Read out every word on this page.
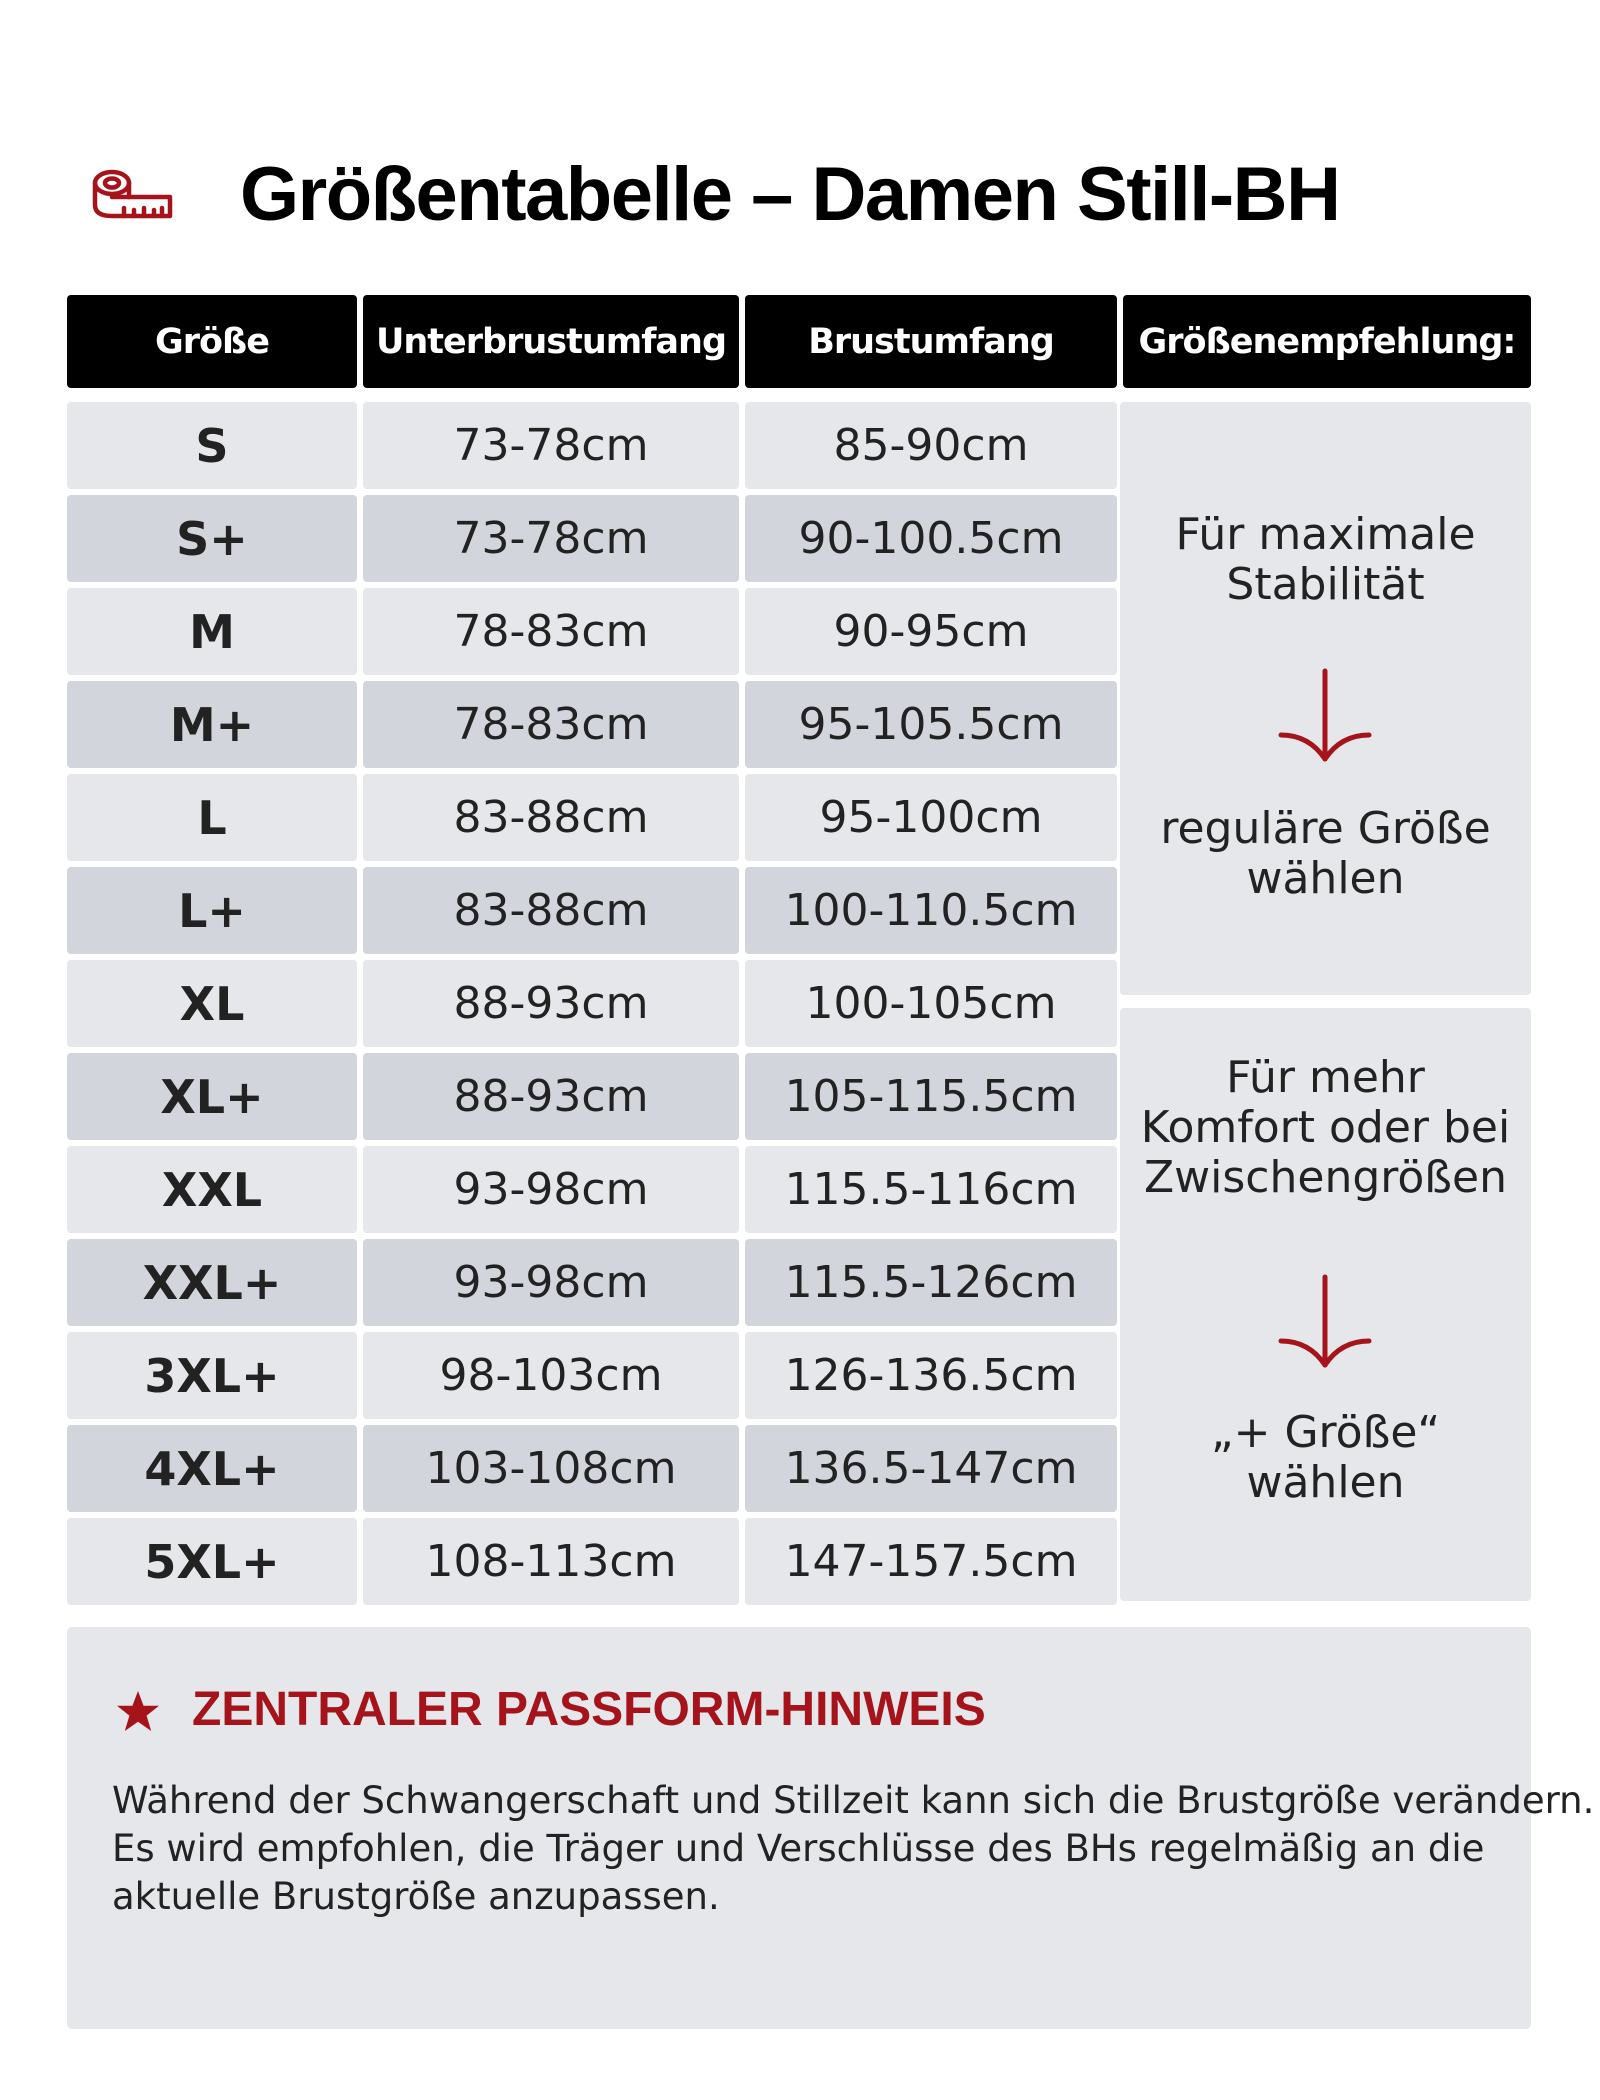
Größentabelle – Damen Still-BH
Größe	Unterbrustumfang	Brustumfang	Größenempfehlung:
S	73-78cm	85-90cm
S+	73-78cm	90-100.5cm
M	78-83cm	90-95cm
M+	78-83cm	95-105.5cm
L	83-88cm	95-100cm
L+	83-88cm	100-110.5cm
XL	88-93cm	100-105cm
XL+	88-93cm	105-115.5cm
XXL	93-98cm	115.5-116cm
XXL+	93-98cm	115.5-126cm
3XL+	98-103cm	126-136.5cm
4XL+	103-108cm	136.5-147cm
5XL+	108-113cm	147-157.5cm
Für maximale
Stabilität
reguläre Größe
wählen
Für mehr
Komfort oder bei
Zwischengrößen
„+ Größe“
wählen
ZENTRALER PASSFORM-HINWEIS
Während der Schwangerschaft und Stillzeit kann sich die Brustgröße verändern.
Es wird empfohlen, die Träger und Verschlüsse des BHs regelmäßig an die
aktuelle Brustgröße anzupassen.
